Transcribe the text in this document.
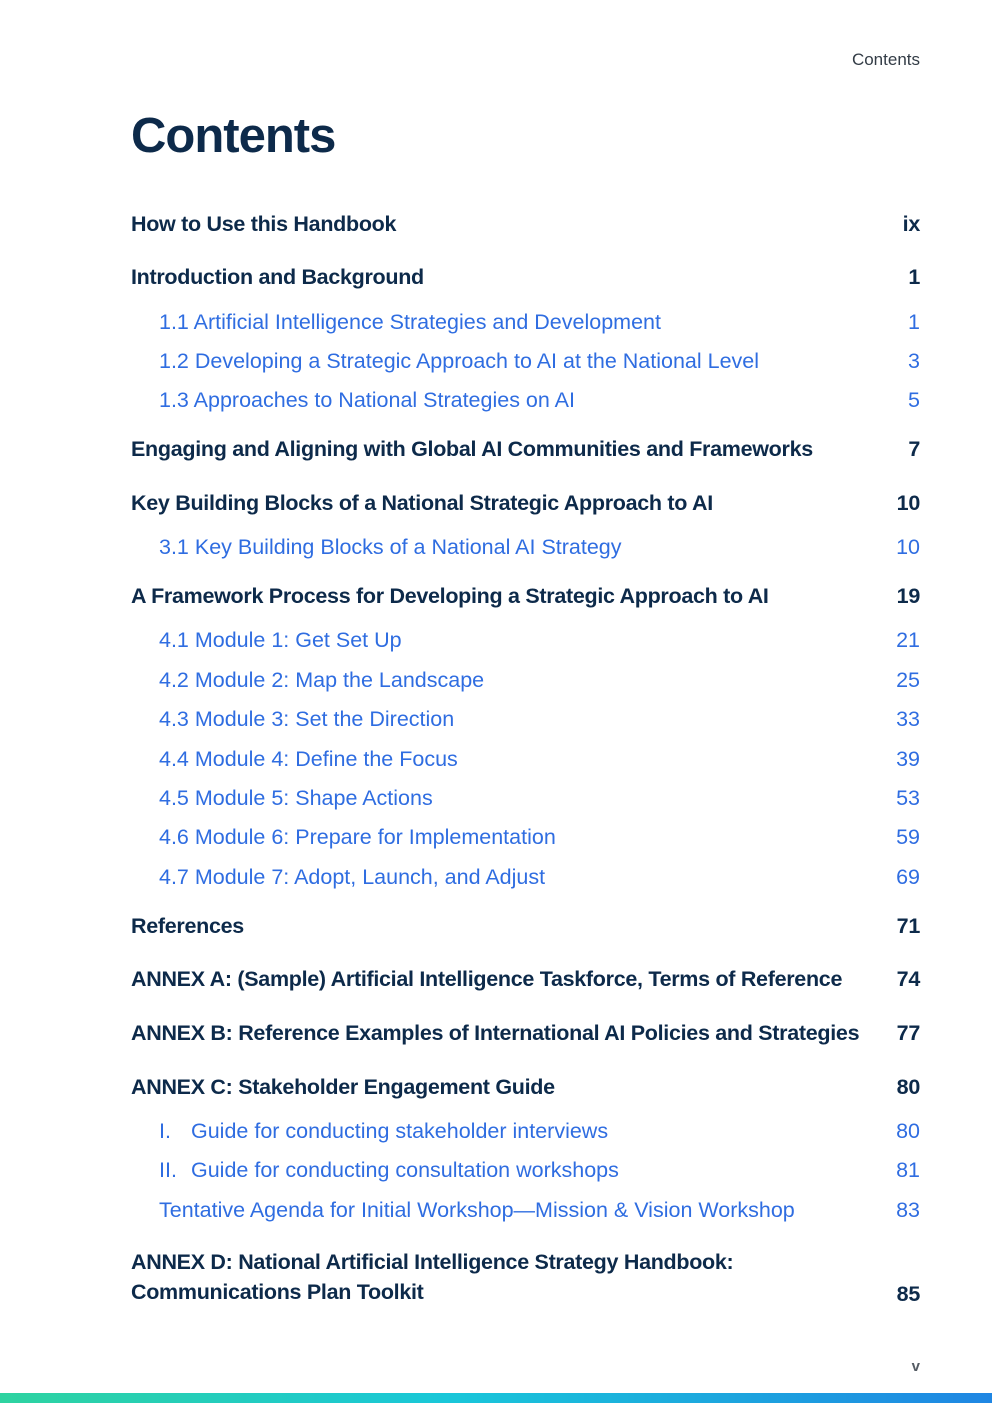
Contents
Contents
How to Use this Handbook	ix
Introduction and Background	1
1.1 Artificial Intelligence Strategies and Development	1
1.2 Developing a Strategic Approach to AI at the National Level	3
1.3 Approaches to National Strategies on AI	5
Engaging and Aligning with Global AI Communities and Frameworks	7
Key Building Blocks of a National Strategic Approach to AI	10
3.1 Key Building Blocks of a National AI Strategy	10
A Framework Process for Developing a Strategic Approach to AI	19
4.1 Module 1: Get Set Up	21
4.2 Module 2: Map the Landscape	25
4.3 Module 3: Set the Direction	33
4.4 Module 4: Define the Focus	39
4.5 Module 5: Shape Actions	53
4.6 Module 6: Prepare for Implementation	59
4.7 Module 7: Adopt, Launch, and Adjust	69
References	71
ANNEX A: (Sample) Artificial Intelligence Taskforce, Terms of Reference	74
ANNEX B: Reference Examples of International AI Policies and Strategies 77
ANNEX C: Stakeholder Engagement Guide	80
I. Guide for conducting stakeholder interviews	80
II. Guide for conducting consultation workshops	81
Tentative Agenda for Initial Workshop—Mission & Vision Workshop	83
ANNEX D: National Artificial Intelligence Strategy Handbook:
Communications Plan Toolkit	85
v
